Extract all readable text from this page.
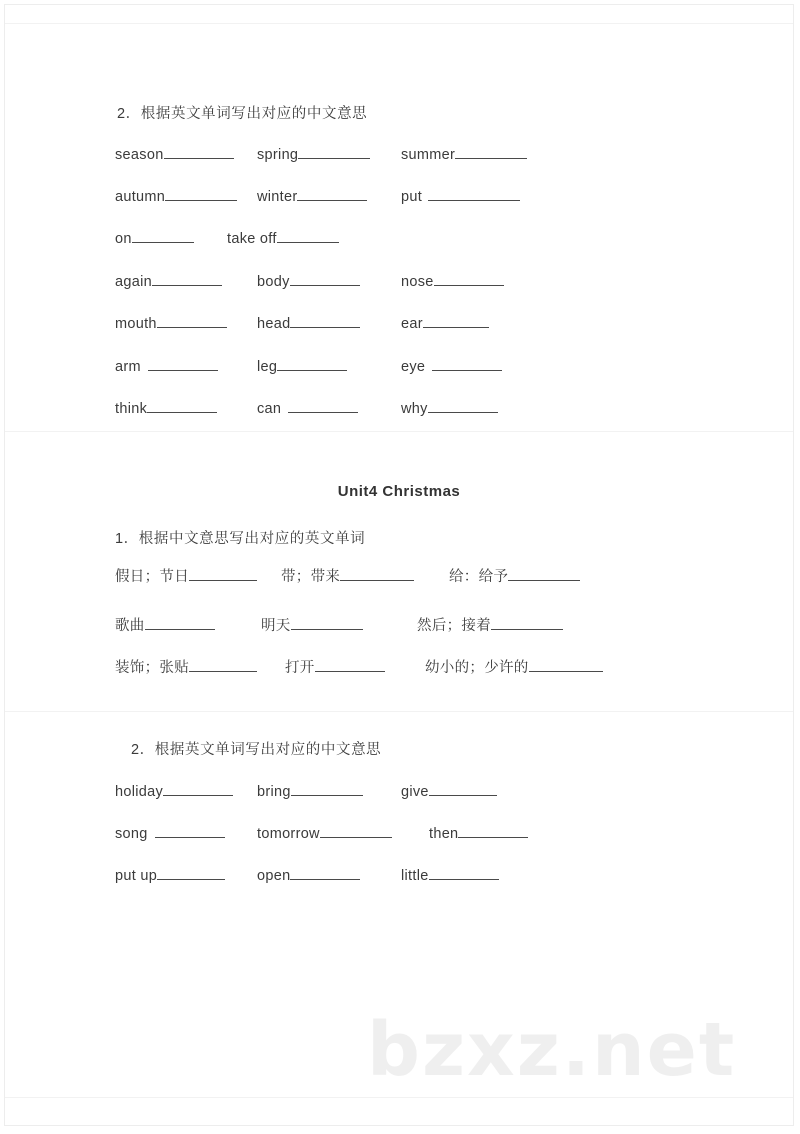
2．根据英文单词写出对应的中文意思
season	spring	summer
autumn	winter	put
on	take off
again	body	nose
mouth	head	ear
arm	leg	eye
think	can	why
Unit4 Christmas
1．根据中文意思写出对应的英文单词
假日；节日	带；带来	给：给予
歌曲	明天	然后；接着
装饰；张贴	打开	幼小的；少许的
2．根据英文单词写出对应的中文意思
holiday	bring	give
song	tomorrow	then
put up	open	little
bzxz.net
